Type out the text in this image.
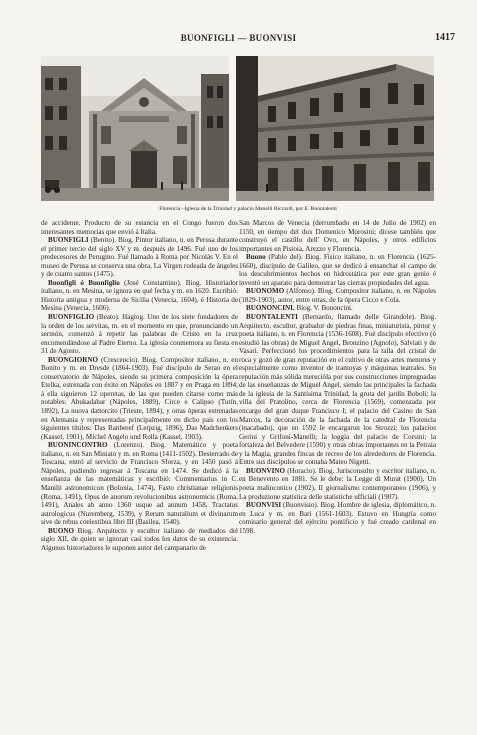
BUONFIGLI — BUONVISI	1417
Florencia.–Iglesia de la Trinidad y palacio Manelli Riccardi, por E. Buontalenti

de accidente. Producto de su estancia en el Congo fueron dos interesantes memorias que envió á Italia.

BUONFIGLI (Benito). Biog. Pintor italiano, n. en Perusa durante el primer tercio del siglo XV y m. después de 1496. Fué uno de los predecesores de Perugino. Fué llamado á Roma por Nicolás V. En el museo de Perusa se conserva una obra, La Virgen rodeada de ángeles y de cuatro santos (1475).

Buonfigli ó Buonfiglio (José Constantino). Biog. Historiador italiano, n. en Mesina, se ignora en qué fecha y m. en 1620. Escribió: Historia antigua y moderna de Sicilia (Venecia, 1604), é Historia de Mesina (Venecia, 1606).

BUONFIGLIO (Beato). Hagiog. Uno de los siete fundadores de la orden de los servitas, m. en el momento en que, pronunciando un sermón, comenzó á repetir las palabras de Cristo en la cruz encomendándose al Padre Eterno. La iglesia conmemora su fiesta en 31 de Agosto.

BUONGIORNO (Crescencio). Biog. Compositor italiano, n. en Bonito y m. en Dresde (1864-1903). Fué discípulo de Serao en el conservatorio de Nápoles, siendo su primera composición la ópera Etelka, estrenada con éxito en Nápoles en 1887 y en Praga en 1894; á ella siguieron 12 operetas, de las que pueden citarse como más notables: Abukadabar (Nápoles, 1889), Circe e Calipso (Turín, 1892), La nuova dattorcito (Trieste, 1894), y otras óperas estrenadas en Alemania y representadas principalmente en dicho país con los siguientes títulos: Das Ranberef (Leipzig, 1896), Das Madchenkers (Kassel, 1901), Michel Angelo und Rolla (Kassel, 1903).

BUONINCONTRO (Lorenzo). Biog. Matemático y poeta italiano, n. en San Miniato y m. en Roma (1411-1502). Desterrado de Toscana, entró al servicio de Francisco Sforza, y en 1450 pasó á Nápoles, pudiendo regresar á Toscana en 1474. Se dedicó á la enseñanza de las matemáticas y escribió: Commentarius in C. Manilii astronomicon (Bolonia, 1474), Fasto christianae religionis (Roma, 1491), Opus de anorum revolucionibus astronomicis (Roma, 1491), Anales ab anno 1360 usque ad annum 1458, Tractatus astrologicus (Nuremberg, 1539), y Rerum naturalium et divinarum sive de rebus coelestibus libri III (Basilea, 1540).

BUONO Biog. Arquitecto y escultor italiano de mediados del siglo XII, de quien se ignoran casi todos los datos de su existencia. Algunos historiadores le suponen autor del campanario de

San Marcos de Venecia (derrumbado en 14 de Julio de 1902) en 1150, en tiempo del dux Domenico Morosini; dícese también que construyó el castillo dell' Ovo, en Nápoles, y otros edificios importantes en Pistoia, Arezzo y Florencia.

Buono (Pablo del). Biog. Físico italiano, n. en Florencia (1625-1660), discípulo de Galileo, que se dedicó á ensanchar el campo de los descubrimientos hechos en hidrostática por este gran genio é inventó un aparato para demostrar las cierras propiedades del agua.

BUONOMO (Alfonso). Biog. Compositor italiano, n. en Nápoles (1829-1903), autor, entre otras, de la ópera Cicco e Cola.

BUONONCINI. Biog. V. Bononcini.

BUONTALENTI (Bernardo, llamado delle Girandole). Biog. Arquitecto, escultor, grabador de piedras finas, miniaturista, pintor y poeta italiano, n. en Florencia (1536-1608). Fué discípulo efectivo (ó estudió las obras) de Miguel Angel, Bronzino (Agnolo), Salviati y de Vasari. Perfeccionó los procedimientos para la talla del cristal de roca y gozó de gran reputación en el cultivo de otras artes menores y especialmente como inventor de tramoyas y máquinas teatrales. Su reputación más sólida merecióla por sus construcciones impregnadas de las enseñanzas de Miguel Angel, siendo las principales la fachada de la iglesia de la Santísima Trinidad, la gruta del jardín Boboli; la villa del Pratolino, cerca de Florencia (1569), comenzada por encargo del gran duque Francisco I; el palacio del Casino de San Marcos, la decoración de la fachada de la catedral de Florencia (inacabado), que en 1592 le encargaron los Strozzi; los palacios Gerini y Grifoni-Manelli; la loggia del palacio de Corsini; la fortaleza del Belvedere (1590) y otras obras importantes en la Petraia y la Magia, grandes fincas de recreo de los alrededores de Florencia. Entre sus discípulos se contaba Mateo Nigetti.

BUONVINO (Horacio). Biog. Jurisconsulto y escritor italiano, n. en Benevento en 1881. Se le debe: la Legge di Murat (1900), Un poeta malinconico (1902), Il giornalismo contemporaneo (1906), y La produzione statistica delle statistiche ufficiali (1907).

BUONVISI (Buonvisio). Biog. Hombre de iglesia, diplomático, n. en Luca y m. en Bari (1561-1603). Estuvo en Hungría como comisario general del ejército pontificio y fué creado cardenal en 1598.
